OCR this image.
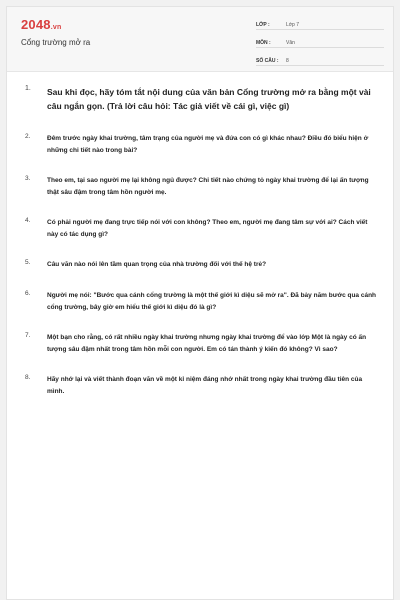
2048.vn
Cổng trường mở ra
LỚP :	Lớp 7
MÔN :	Văn
SỐ CÂU :	8
1.	Sau khi đọc, hãy tóm tắt nội dung của văn bản Cổng trường mở ra bằng một vài câu ngắn gọn. (Trả lời câu hỏi: Tác giả viết về cái gì, việc gì)
2.	Đêm trước ngày khai trường, tâm trạng của người mẹ và đứa con có gì khác nhau? Điều đó biểu hiện ở những chi tiết nào trong bài?
3.	Theo em, tại sao người mẹ lại không ngủ được? Chi tiết nào chứng tỏ ngày khai trường để lại ấn tượng thật sâu đậm trong tâm hồn người mẹ.
4.	Có phải người mẹ đang trực tiếp nói với con không? Theo em, người mẹ đang tâm sự với ai? Cách viết này có tác dụng gì?
5.	Câu văn nào nói lên tầm quan trọng của nhà trường đối với thế hệ trẻ?
6.	Người mẹ nói: "Bước qua cánh cổng trường là một thế giới kì diệu sẽ mở ra". Đã bảy năm bước qua cánh cổng trường, bây giờ em hiểu thế giới kì diệu đó là gì?
7.	Một bạn cho rằng, có rất nhiều ngày khai trường nhưng ngày khai trường để vào lớp Một là ngày có ấn tượng sâu đậm nhất trong tâm hồn mỗi con người. Em có tán thành ý kiến đó không? Vì sao?
8.	Hãy nhớ lại và viết thành đoạn văn về một kỉ niệm đáng nhớ nhất trong ngày khai trường đầu tiên của mình.
